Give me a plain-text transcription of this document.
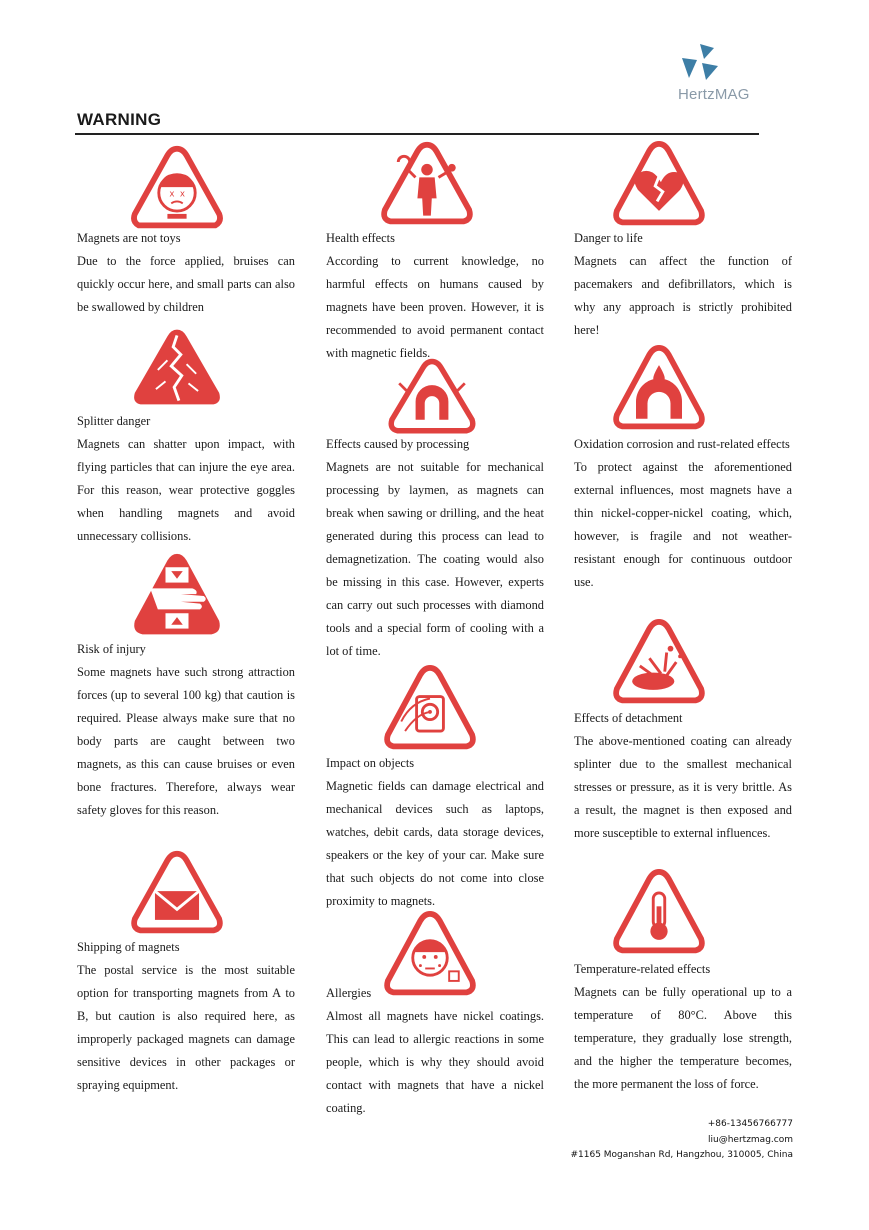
HertzMAG
WARNING
x x
Magnets are not toys
Due to the force applied, bruises can quickly occur here, and small parts can also be swallowed by children
Splitter danger
Magnets can shatter upon impact, with flying particles that can injure the eye area. For this reason, wear protective goggles when handling magnets and avoid unnecessary collisions.
Risk of injury
Some magnets have such strong attraction forces (up to several 100 kg) that caution is required. Please always make sure that no body parts are caught between two magnets, as this can cause bruises or even bone fractures. Therefore, always wear safety gloves for this reason.
Shipping of magnets
The postal service is the most suitable option for transporting magnets from A to B, but caution is also required here, as improperly packaged magnets can damage sensitive devices in other packages or spraying equipment.
Health effects
According to current knowledge, no harmful effects on humans caused by magnets have been proven. However, it is recommended to avoid permanent contact with magnetic fields.
Effects caused by processing
Magnets are not suitable for mechanical processing by laymen, as magnets can break when sawing or drilling, and the heat generated during this process can lead to demagnetization. The coating would also be missing in this case. However, experts can carry out such processes with diamond tools and a special form of cooling with a lot of time.
Impact on objects
Magnetic fields can damage electrical and mechanical devices such as laptops, watches, debit cards, data storage devices, speakers or the key of your car. Make sure that such objects do not come into close proximity to magnets.
Allergies
Almost all magnets have nickel coatings. This can lead to allergic reactions in some people, which is why they should avoid contact with magnets that have a nickel coating.
Danger to life
Magnets can affect the function of pacemakers and defibrillators, which is why any approach is strictly prohibited here!
Oxidation corrosion and rust-related effects
To protect against the aforementioned external influences, most magnets have a thin nickel-copper-nickel coating, which, however, is fragile and not weather-resistant enough for continuous outdoor use.
Effects of detachment
The above-mentioned coating can already splinter due to the smallest mechanical stresses or pressure, as it is very brittle. As a result, the magnet is then exposed and more susceptible to external influences.
Temperature-related effects
Magnets can be fully operational up to a temperature of 80°C. Above this temperature, they gradually lose strength, and the higher the temperature becomes, the more permanent the loss of force.
+86-13456766777
liu@hertzmag.com
#1165 Moganshan Rd, Hangzhou, 310005, China
